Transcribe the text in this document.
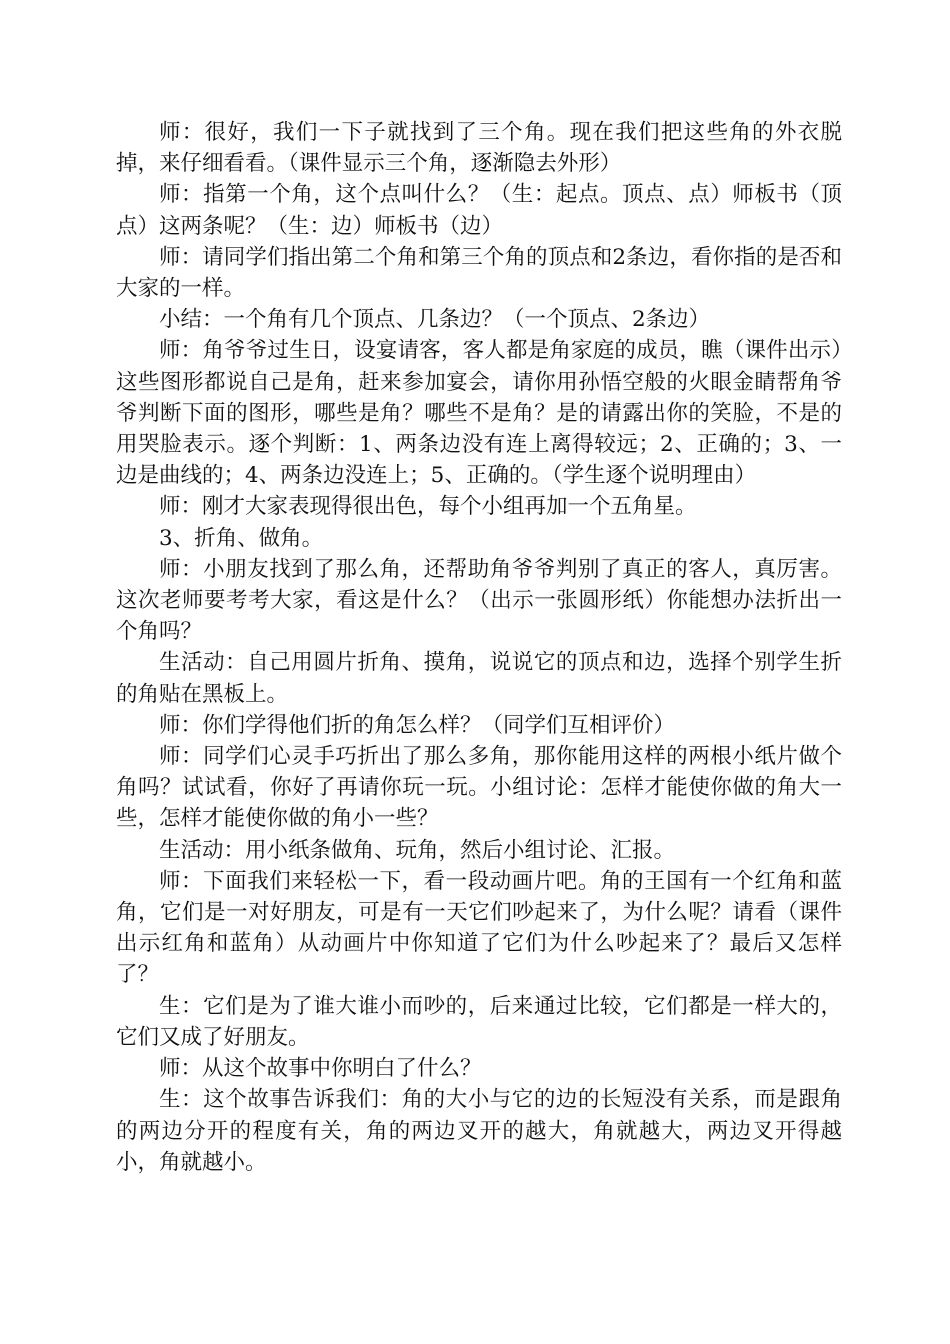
师：很好，我们一下子就找到了三个角。现在我们把这些角的外衣脱掉，来仔细看看。（课件显示三个角，逐渐隐去外形）

师：指第一个角，这个点叫什么？（生：起点。顶点、点）师板书（顶点）这两条呢？（生：边）师板书（边）

师：请同学们指出第二个角和第三个角的顶点和2条边，看你指的是否和大家的一样。

小结：一个角有几个顶点、几条边？（一个顶点、2条边）

师：角爷爷过生日，设宴请客，客人都是角家庭的成员，瞧（课件出示）这些图形都说自己是角，赶来参加宴会，请你用孙悟空般的火眼金睛帮角爷爷判断下面的图形，哪些是角？哪些不是角？是的请露出你的笑脸，不是的用哭脸表示。逐个判断：1、两条边没有连上离得较远；2、正确的；3、一边是曲线的；4、两条边没连上；5、正确的。（学生逐个说明理由）

师：刚才大家表现得很出色，每个小组再加一个五角星。

3、折角、做角。

师：小朋友找到了那么角，还帮助角爷爷判别了真正的客人，真厉害。这次老师要考考大家，看这是什么？（出示一张圆形纸）你能想办法折出一个角吗？

生活动：自己用圆片折角、摸角，说说它的顶点和边，选择个别学生折的角贴在黑板上。

师：你们学得他们折的角怎么样？（同学们互相评价）

师：同学们心灵手巧折出了那么多角，那你能用这样的两根小纸片做个角吗？试试看，你好了再请你玩一玩。小组讨论：怎样才能使你做的角大一些，怎样才能使你做的角小一些？

生活动：用小纸条做角、玩角，然后小组讨论、汇报。

师：下面我们来轻松一下，看一段动画片吧。角的王国有一个红角和蓝角，它们是一对好朋友，可是有一天它们吵起来了，为什么呢？请看（课件出示红角和蓝角）从动画片中你知道了它们为什么吵起来了？最后又怎样了？

生：它们是为了谁大谁小而吵的，后来通过比较，它们都是一样大的，它们又成了好朋友。

师：从这个故事中你明白了什么？

生：这个故事告诉我们：角的大小与它的边的长短没有关系，而是跟角的两边分开的程度有关，角的两边叉开的越大，角就越大，两边叉开得越小，角就越小。
